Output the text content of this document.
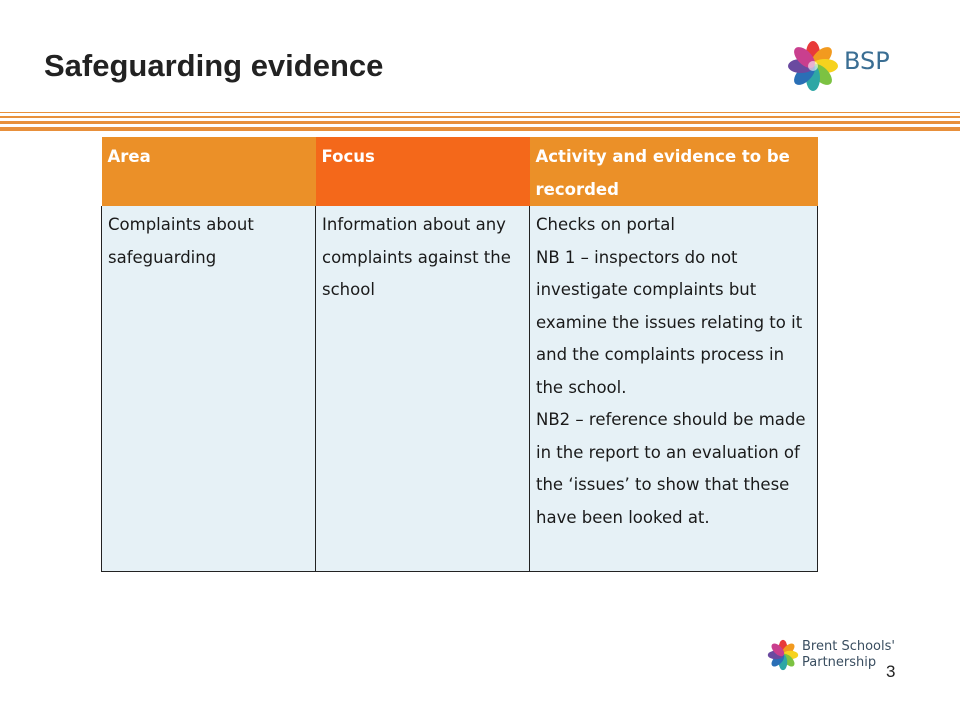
Safeguarding evidence	BSP
Area	Focus	Activity and evidence to be recorded
Complaints about safeguarding	Information about any complaints against the school	Checks on portal
NB 1 – inspectors do not investigate complaints but examine the issues relating to it and the complaints process in the school.
NB2 – reference should be made in the report to an evaluation of the ‘issues’ to show that these have been looked at.
Brent Schools'
Partnership 3
